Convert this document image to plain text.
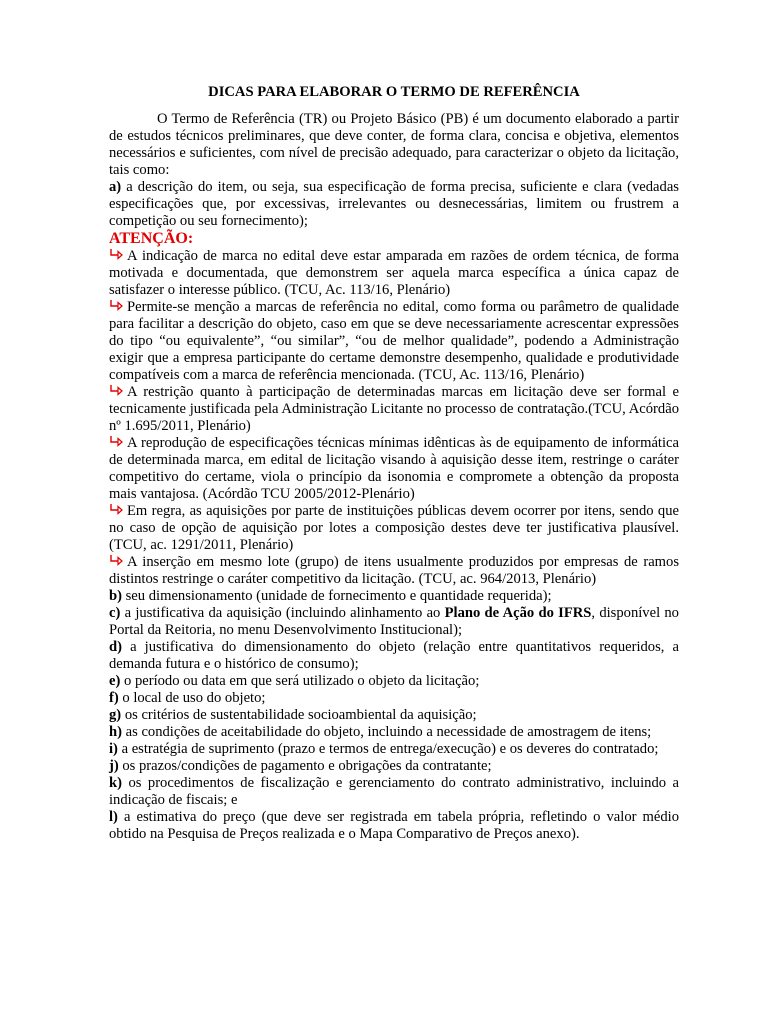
DICAS PARA ELABORAR O TERMO DE REFERÊNCIA

O Termo de Referência (TR) ou Projeto Básico (PB) é um documento elaborado a partir de estudos técnicos preliminares, que deve conter, de forma clara, concisa e objetiva, elementos necessários e suficientes, com nível de precisão adequado, para caracterizar o objeto da licitação, tais como:

a) a descrição do item, ou seja, sua especificação de forma precisa, suficiente e clara (vedadas especificações que, por excessivas, irrelevantes ou desnecessárias, limitem ou frustrem a competição ou seu fornecimento);

ATENÇÃO:

A indicação de marca no edital deve estar amparada em razões de ordem técnica, de forma motivada e documentada, que demonstrem ser aquela marca específica a única capaz de satisfazer o interesse público. (TCU, Ac. 113/16, Plenário)

Permite-se menção a marcas de referência no edital, como forma ou parâmetro de qualidade para facilitar a descrição do objeto, caso em que se deve necessariamente acrescentar expressões do tipo “ou equivalente”, “ou similar”, “ou de melhor qualidade”, podendo a Administração exigir que a empresa participante do certame demonstre desempenho, qualidade e produtividade compatíveis com a marca de referência mencionada. (TCU, Ac. 113/16, Plenário)

A restrição quanto à participação de determinadas marcas em licitação deve ser formal e tecnicamente justificada pela Administração Licitante no processo de contratação.(TCU, Acórdão nº 1.695/2011, Plenário)

A reprodução de especificações técnicas mínimas idênticas às de equipamento de informática de determinada marca, em edital de licitação visando à aquisição desse item, restringe o caráter competitivo do certame, viola o princípio da isonomia e compromete a obtenção da proposta mais vantajosa. (Acórdão TCU 2005/2012-Plenário)

Em regra, as aquisições por parte de instituições públicas devem ocorrer por itens, sendo que no caso de opção de aquisição por lotes a composição destes deve ter justificativa plausível. (TCU, ac. 1291/2011, Plenário)

A inserção em mesmo lote (grupo) de itens usualmente produzidos por empresas de ramos distintos restringe o caráter competitivo da licitação. (TCU, ac. 964/2013, Plenário)

b) seu dimensionamento (unidade de fornecimento e quantidade requerida);

c) a justificativa da aquisição (incluindo alinhamento ao Plano de Ação do IFRS, disponível no Portal da Reitoria, no menu Desenvolvimento Institucional);

d) a justificativa do dimensionamento do objeto (relação entre quantitativos requeridos, a demanda futura e o histórico de consumo);

e) o período ou data em que será utilizado o objeto da licitação;

f) o local de uso do objeto;

g) os critérios de sustentabilidade socioambiental da aquisição;

h) as condições de aceitabilidade do objeto, incluindo a necessidade de amostragem de itens;

i) a estratégia de suprimento (prazo e termos de entrega/execução) e os deveres do contratado;

j) os prazos/condições de pagamento e obrigações da contratante;

k) os procedimentos de fiscalização e gerenciamento do contrato administrativo, incluindo a indicação de fiscais; e

l) a estimativa do preço (que deve ser registrada em tabela própria, refletindo o valor médio obtido na Pesquisa de Preços realizada e o Mapa Comparativo de Preços anexo).
